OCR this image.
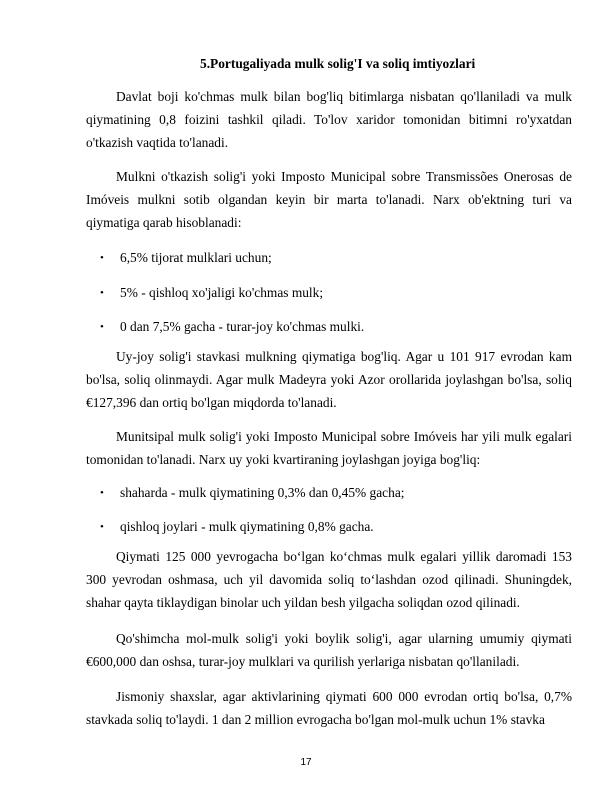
5.Portugaliyada mulk solig'I va soliq imtiyozlari

Davlat boji ko'chmas mulk bilan bog'liq bitimlarga nisbatan qo'llaniladi va mulk qiymatining 0,8 foizini tashkil qiladi. To'lov xaridor tomonidan bitimni ro'yxatdan o'tkazish vaqtida to'lanadi.

Mulkni o'tkazish solig'i yoki Imposto Municipal sobre Transmissões Onerosas de Imóveis mulkni sotib olgandan keyin bir marta to'lanadi. Narx ob'ektning turi va qiymatiga qarab hisoblanadi:

• 6,5% tijorat mulklari uchun;
• 5% - qishloq xo'jaligi ko'chmas mulk;
• 0 dan 7,5% gacha - turar-joy ko'chmas mulki.

Uy-joy solig'i stavkasi mulkning qiymatiga bog'liq. Agar u 101 917 evrodan kam bo'lsa, soliq olinmaydi. Agar mulk Madeyra yoki Azor orollarida joylashgan bo'lsa, soliq €127,396 dan ortiq bo'lgan miqdorda to'lanadi.

Munitsipal mulk solig'i yoki Imposto Municipal sobre Imóveis har yili mulk egalari tomonidan to'lanadi. Narx uy yoki kvartiraning joylashgan joyiga bog'liq:

• shaharda - mulk qiymatining 0,3% dan 0,45% gacha;
• qishloq joylari - mulk qiymatining 0,8% gacha.

Qiymati 125 000 yevrogacha bo‘lgan ko‘chmas mulk egalari yillik daromadi 153 300 yevrodan oshmasa, uch yil davomida soliq to‘lashdan ozod qilinadi. Shuningdek, shahar qayta tiklaydigan binolar uch yildan besh yilgacha soliqdan ozod qilinadi.

Qo'shimcha mol-mulk solig'i yoki boylik solig'i, agar ularning umumiy qiymati €600,000 dan oshsa, turar-joy mulklari va qurilish yerlariga nisbatan qo'llaniladi.

Jismoniy shaxslar, agar aktivlarining qiymati 600 000 evrodan ortiq bo'lsa, 0,7% stavkada soliq to'laydi. 1 dan 2 million evrogacha bo'lgan mol-mulk uchun 1% stavka

17
